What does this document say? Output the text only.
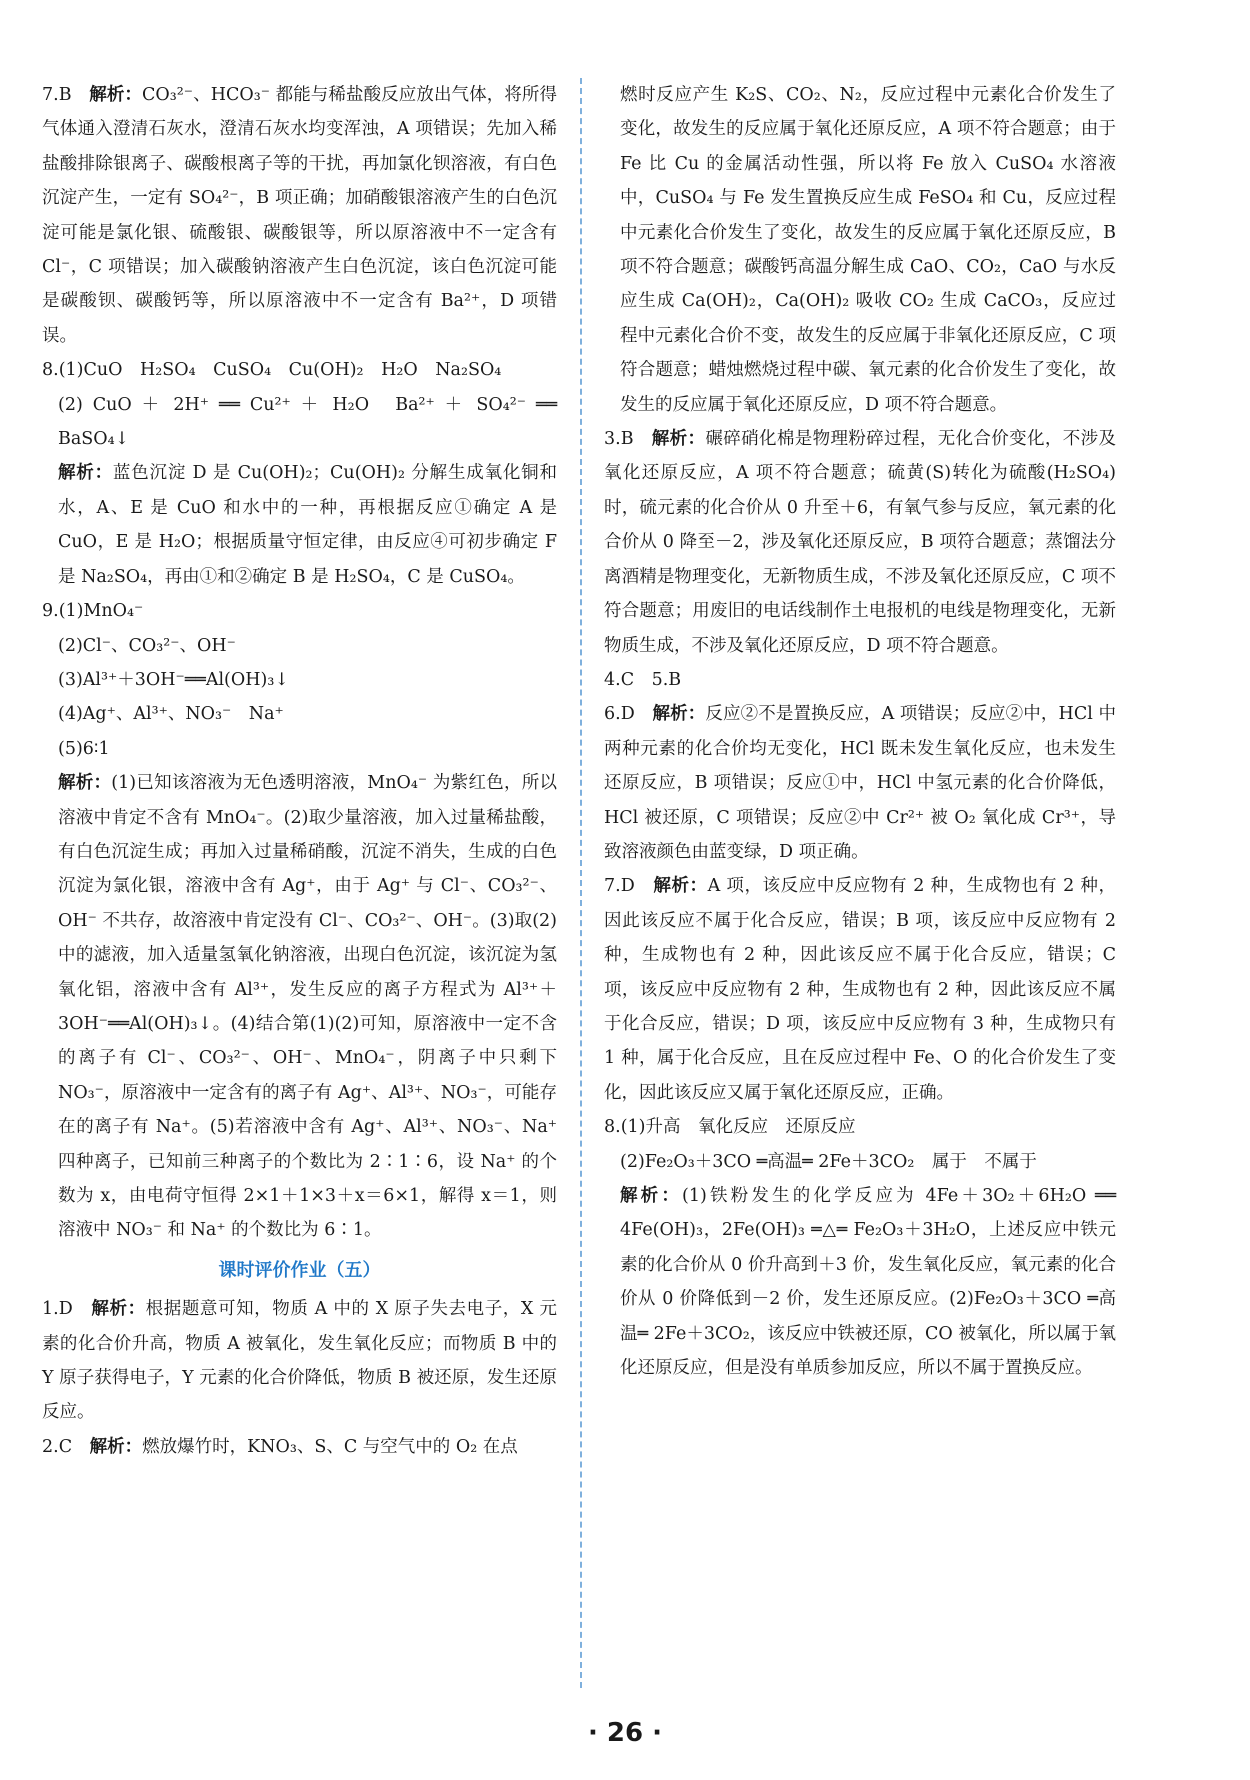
7.B　解析：CO₃²⁻、HCO₃⁻ 都能与稀盐酸反应放出气体，将所得气体通入澄清石灰水，澄清石灰水均变浑浊，A 项错误；先加入稀盐酸排除银离子、碳酸根离子等的干扰，再加氯化钡溶液，有白色沉淀产生，一定有 SO₄²⁻，B 项正确；加硝酸银溶液产生的白色沉淀可能是氯化银、硫酸银、碳酸银等，所以原溶液中不一定含有 Cl⁻，C 项错误；加入碳酸钠溶液产生白色沉淀，该白色沉淀可能是碳酸钡、碳酸钙等，所以原溶液中不一定含有 Ba²⁺，D 项错误。

8.(1)CuO　H₂SO₄　CuSO₄　Cu(OH)₂　H₂O　Na₂SO₄

(2) CuO ＋ 2H⁺ ══ Cu²⁺ ＋ H₂O　Ba²⁺ ＋ SO₄²⁻ ══ BaSO₄↓

解析：蓝色沉淀 D 是 Cu(OH)₂；Cu(OH)₂ 分解生成氧化铜和水，A、E 是 CuO 和水中的一种，再根据反应①确定 A 是 CuO，E 是 H₂O；根据质量守恒定律，由反应④可初步确定 F 是 Na₂SO₄，再由①和②确定 B 是 H₂SO₄，C 是 CuSO₄。

9.(1)MnO₄⁻

(2)Cl⁻、CO₃²⁻、OH⁻

(3)Al³⁺＋3OH⁻══Al(OH)₃↓

(4)Ag⁺、Al³⁺、NO₃⁻　Na⁺

(5)6∶1

解析：(1)已知该溶液为无色透明溶液，MnO₄⁻ 为紫红色，所以溶液中肯定不含有 MnO₄⁻。(2)取少量溶液，加入过量稀盐酸，有白色沉淀生成；再加入过量稀硝酸，沉淀不消失，生成的白色沉淀为氯化银，溶液中含有 Ag⁺，由于 Ag⁺ 与 Cl⁻、CO₃²⁻、OH⁻ 不共存，故溶液中肯定没有 Cl⁻、CO₃²⁻、OH⁻。(3)取(2)中的滤液，加入适量氢氧化钠溶液，出现白色沉淀，该沉淀为氢氧化铝，溶液中含有 Al³⁺，发生反应的离子方程式为 Al³⁺＋3OH⁻══Al(OH)₃↓。(4)结合第(1)(2)可知，原溶液中一定不含的离子有 Cl⁻、CO₃²⁻、OH⁻、MnO₄⁻，阴离子中只剩下 NO₃⁻，原溶液中一定含有的离子有 Ag⁺、Al³⁺、NO₃⁻，可能存在的离子有 Na⁺。(5)若溶液中含有 Ag⁺、Al³⁺、NO₃⁻、Na⁺ 四种离子，已知前三种离子的个数比为 2∶1∶6，设 Na⁺ 的个数为 x，由电荷守恒得 2×1＋1×3＋x＝6×1，解得 x＝1，则溶液中 NO₃⁻ 和 Na⁺ 的个数比为 6∶1。

课时评价作业（五）

1.D　解析：根据题意可知，物质 A 中的 X 原子失去电子，X 元素的化合价升高，物质 A 被氧化，发生氧化反应；而物质 B 中的 Y 原子获得电子，Y 元素的化合价降低，物质 B 被还原，发生还原反应。

2.C　解析：燃放爆竹时，KNO₃、S、C 与空气中的 O₂ 在点

燃时反应产生 K₂S、CO₂、N₂，反应过程中元素化合价发生了变化，故发生的反应属于氧化还原反应，A 项不符合题意；由于 Fe 比 Cu 的金属活动性强，所以将 Fe 放入 CuSO₄ 水溶液中，CuSO₄ 与 Fe 发生置换反应生成 FeSO₄ 和 Cu，反应过程中元素化合价发生了变化，故发生的反应属于氧化还原反应，B 项不符合题意；碳酸钙高温分解生成 CaO、CO₂，CaO 与水反应生成 Ca(OH)₂，Ca(OH)₂ 吸收 CO₂ 生成 CaCO₃，反应过程中元素化合价不变，故发生的反应属于非氧化还原反应，C 项符合题意；蜡烛燃烧过程中碳、氧元素的化合价发生了变化，故发生的反应属于氧化还原反应，D 项不符合题意。

3.B　解析：碾碎硝化棉是物理粉碎过程，无化合价变化，不涉及氧化还原反应，A 项不符合题意；硫黄(S)转化为硫酸(H₂SO₄)时，硫元素的化合价从 0 升至＋6，有氧气参与反应，氧元素的化合价从 0 降至－2，涉及氧化还原反应，B 项符合题意；蒸馏法分离酒精是物理变化，无新物质生成，不涉及氧化还原反应，C 项不符合题意；用废旧的电话线制作土电报机的电线是物理变化，无新物质生成，不涉及氧化还原反应，D 项不符合题意。

4.C　5.B

6.D　解析：反应②不是置换反应，A 项错误；反应②中，HCl 中两种元素的化合价均无变化，HCl 既未发生氧化反应，也未发生还原反应，B 项错误；反应①中，HCl 中氢元素的化合价降低，HCl 被还原，C 项错误；反应②中 Cr²⁺ 被 O₂ 氧化成 Cr³⁺，导致溶液颜色由蓝变绿，D 项正确。

7.D　解析：A 项，该反应中反应物有 2 种，生成物也有 2 种，因此该反应不属于化合反应，错误；B 项，该反应中反应物有 2 种，生成物也有 2 种，因此该反应不属于化合反应，错误；C 项，该反应中反应物有 2 种，生成物也有 2 种，因此该反应不属于化合反应，错误；D 项，该反应中反应物有 3 种，生成物只有 1 种，属于化合反应，且在反应过程中 Fe、O 的化合价发生了变化，因此该反应又属于氧化还原反应，正确。

8.(1)升高　氧化反应　还原反应

(2)Fe₂O₃＋3CO ═高温═ 2Fe＋3CO₂　属于　不属于

解析：(1)铁粉发生的化学反应为 4Fe＋3O₂＋6H₂O ══ 4Fe(OH)₃，2Fe(OH)₃ ═△═ Fe₂O₃＋3H₂O，上述反应中铁元素的化合价从 0 价升高到＋3 价，发生氧化反应，氧元素的化合价从 0 价降低到－2 价，发生还原反应。(2)Fe₂O₃＋3CO ═高温═ 2Fe＋3CO₂，该反应中铁被还原，CO 被氧化，所以属于氧化还原反应，但是没有单质参加反应，所以不属于置换反应。

· 26 ·
